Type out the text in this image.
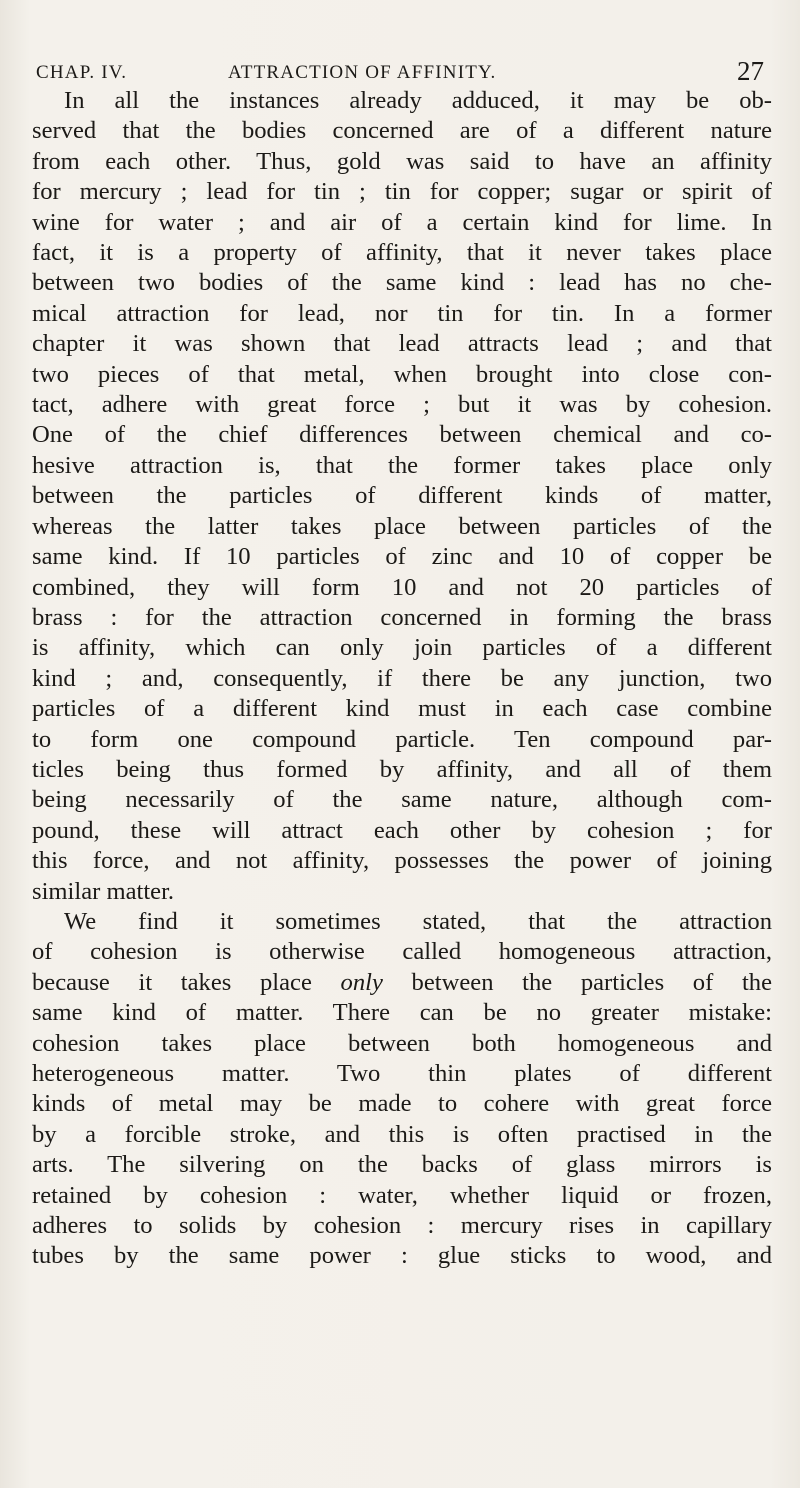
CHAP. IV.	ATTRACTION OF AFFINITY.	27
In all the instances already adduced, it may be ob-
served that the bodies concerned are of a different nature
from each other. Thus, gold was said to have an affinity
for mercury ; lead for tin ; tin for copper; sugar or spirit of
wine for water ; and air of a certain kind for lime. In
fact, it is a property of affinity, that it never takes place
between two bodies of the same kind : lead has no che-
mical attraction for lead, nor tin for tin. In a former
chapter it was shown that lead attracts lead ; and that
two pieces of that metal, when brought into close con-
tact, adhere with great force ; but it was by cohesion.
One of the chief differences between chemical and co-
hesive attraction is, that the former takes place only
between the particles of different kinds of matter,
whereas the latter takes place between particles of the
same kind. If 10 particles of zinc and 10 of copper be
combined, they will form 10 and not 20 particles of
brass : for the attraction concerned in forming the brass
is affinity, which can only join particles of a different
kind ; and, consequently, if there be any junction, two
particles of a different kind must in each case combine
to form one compound particle. Ten compound par-
ticles being thus formed by affinity, and all of them
being necessarily of the same nature, although com-
pound, these will attract each other by cohesion ; for
this force, and not affinity, possesses the power of joining
similar matter.
We find it sometimes stated, that the attraction
of cohesion is otherwise called homogeneous attraction,
because it takes place only between the particles of the
same kind of matter. There can be no greater mistake:
cohesion takes place between both homogeneous and
heterogeneous matter. Two thin plates of different
kinds of metal may be made to cohere with great force
by a forcible stroke, and this is often practised in the
arts. The silvering on the backs of glass mirrors is
retained by cohesion : water, whether liquid or frozen,
adheres to solids by cohesion : mercury rises in capillary
tubes by the same power : glue sticks to wood, and
